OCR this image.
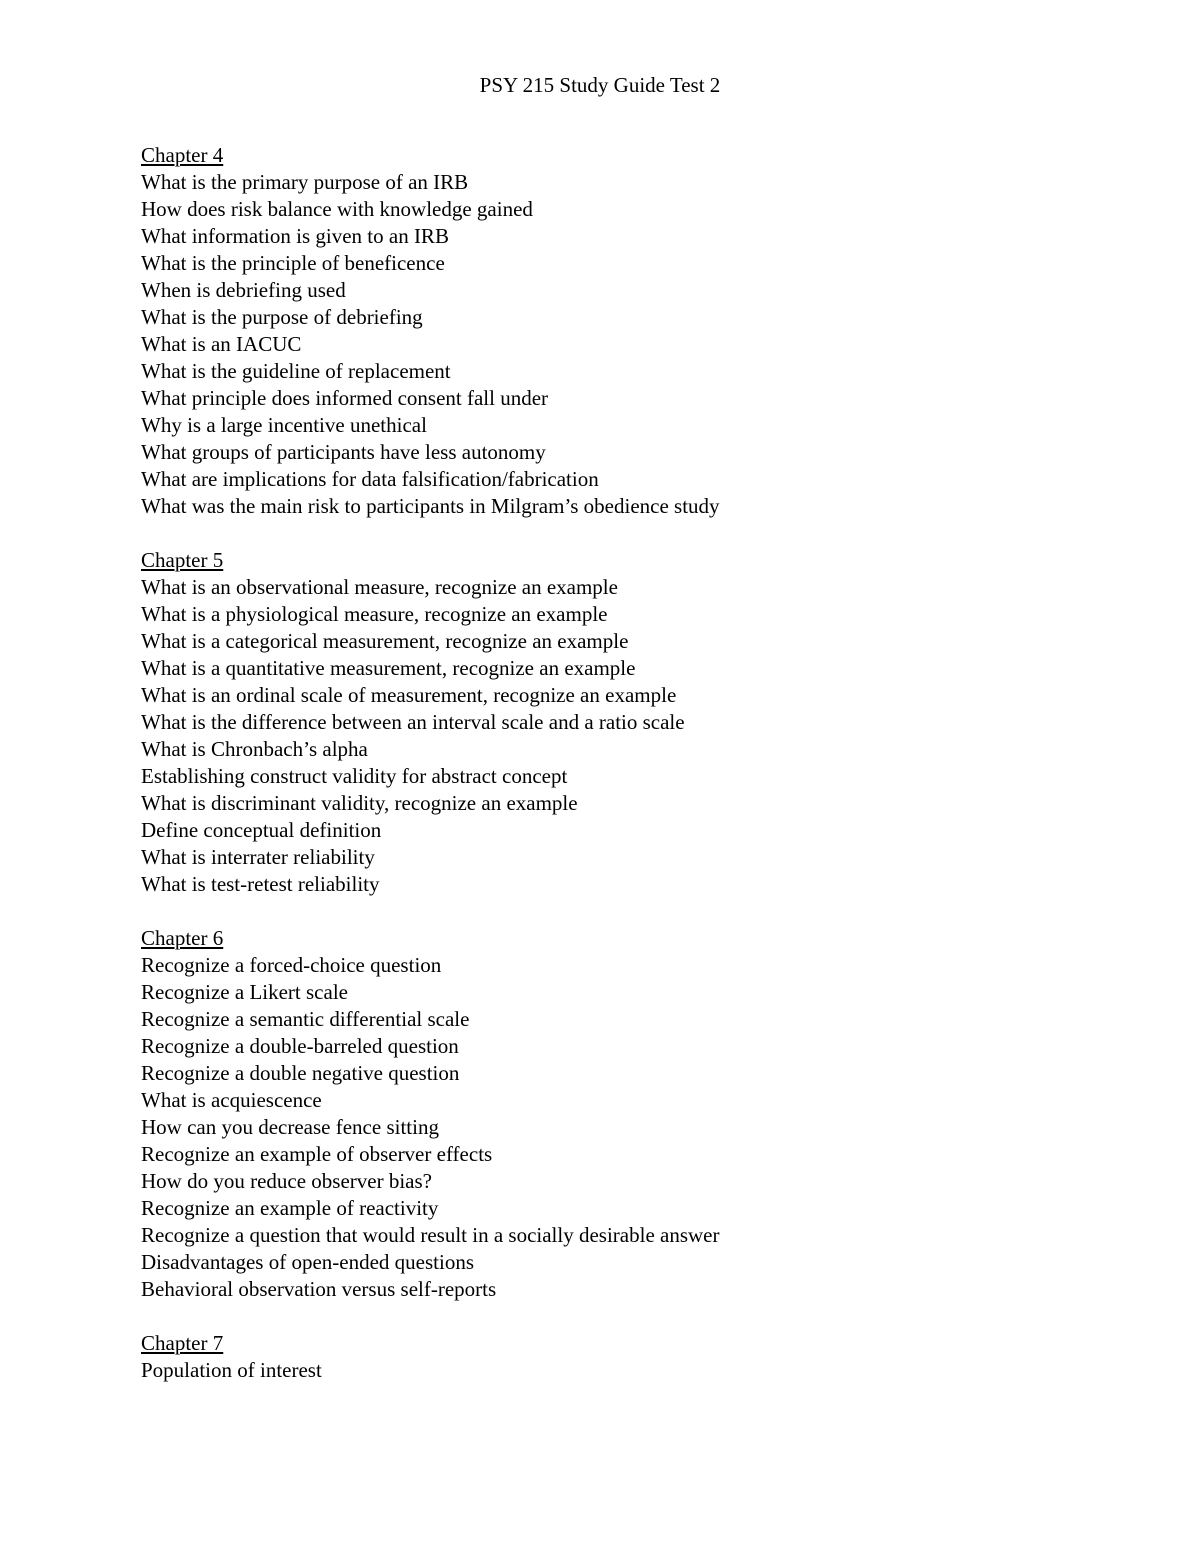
PSY 215 Study Guide Test 2
Chapter 4
What is the primary purpose of an IRB
How does risk balance with knowledge gained
What information is given to an IRB
What is the principle of beneficence
When is debriefing used
What is the purpose of debriefing
What is an IACUC
What is the guideline of replacement
What principle does informed consent fall under
Why is a large incentive unethical
What groups of participants have less autonomy
What are implications for data falsification/fabrication
What was the main risk to participants in Milgram’s obedience study
Chapter 5
What is an observational measure, recognize an example
What is a physiological measure, recognize an example
What is a categorical measurement, recognize an example
What is a quantitative measurement, recognize an example
What is an ordinal scale of measurement, recognize an example
What is the difference between an interval scale and a ratio scale
What is Chronbach’s alpha
Establishing construct validity for abstract concept
What is discriminant validity, recognize an example
Define conceptual definition
What is interrater reliability
What is test-retest reliability
Chapter 6
Recognize a forced-choice question
Recognize a Likert scale
Recognize a semantic differential scale
Recognize a double-barreled question
Recognize a double negative question
What is acquiescence
How can you decrease fence sitting
Recognize an example of observer effects
How do you reduce observer bias?
Recognize an example of reactivity
Recognize a question that would result in a socially desirable answer
Disadvantages of open-ended questions
Behavioral observation versus self-reports
Chapter 7
Population of interest
